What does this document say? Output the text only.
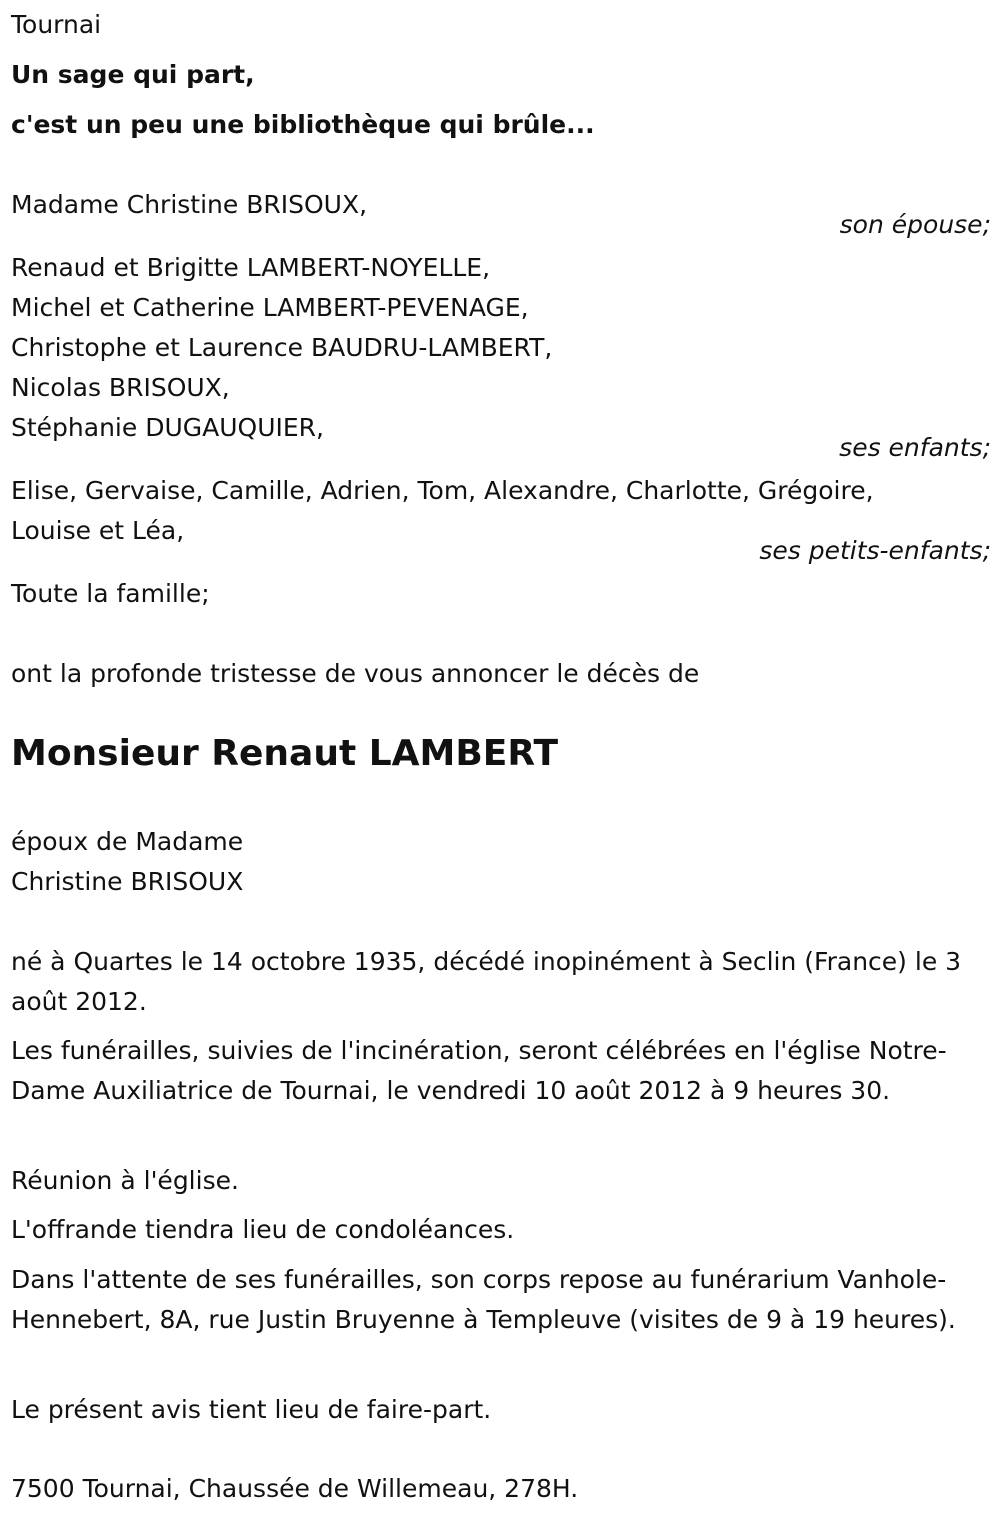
Tournai
Un sage qui part,
c'est un peu une bibliothèque qui brûle...
Madame Christine BRISOUX,
son épouse;
Renaud et Brigitte LAMBERT-NOYELLE,
Michel et Catherine LAMBERT-PEVENAGE,
Christophe et Laurence BAUDRU-LAMBERT,
Nicolas BRISOUX,
Stéphanie DUGAUQUIER,
ses enfants;
Elise, Gervaise, Camille, Adrien, Tom, Alexandre, Charlotte, Grégoire,
Louise et Léa,
ses petits-enfants;
Toute la famille;
ont la profonde tristesse de vous annoncer le décès de
Monsieur Renaut LAMBERT
époux de Madame
Christine BRISOUX
né à Quartes le 14 octobre 1935, décédé inopinément à Seclin (France) le 3 août 2012.
Les funérailles, suivies de l'incinération, seront célébrées en l'église Notre-Dame Auxiliatrice de Tournai, le vendredi 10 août 2012 à 9 heures 30.
Réunion à l'église.
L'offrande tiendra lieu de condoléances.
Dans l'attente de ses funérailles, son corps repose au funérarium Vanhole-Hennebert, 8A, rue Justin Bruyenne à Templeuve (visites de 9 à 19 heures).
Le présent avis tient lieu de faire-part.
7500 Tournai, Chaussée de Willemeau, 278H.
